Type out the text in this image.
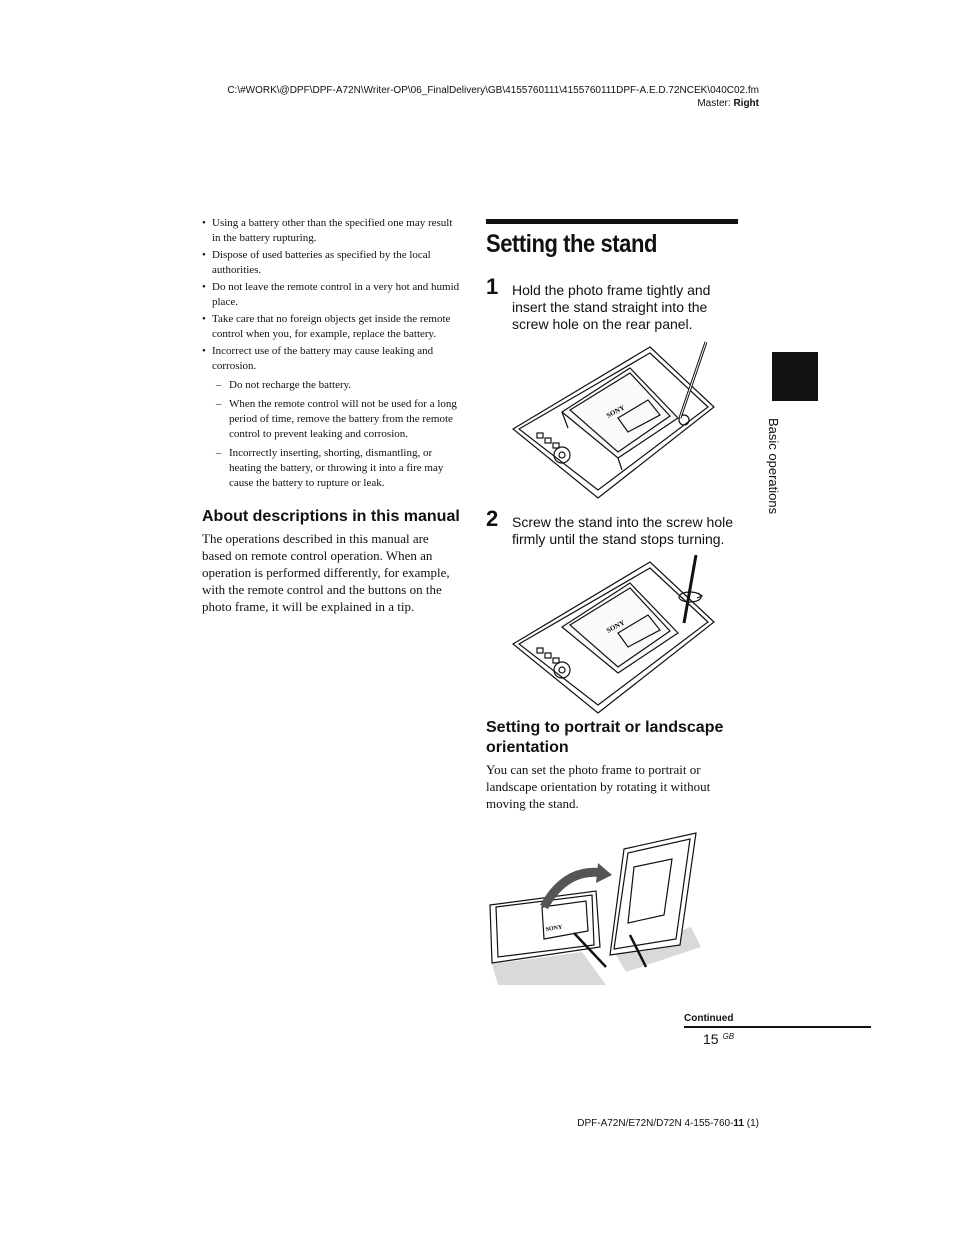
C:\#WORK\@DPF\DPF-A72N\Writer-OP\06_FinalDelivery\GB\4155760111\4155760111DPF-A.E.D.72NCEK\040C02.fm
Master: Right
• Using a battery other than the specified one may result in the battery rupturing.
• Dispose of used batteries as specified by the local authorities.
• Do not leave the remote control in a very hot and humid place.
• Take care that no foreign objects get inside the remote control when you, for example, replace the battery.
• Incorrect use of the battery may cause leaking and corrosion.
– Do not recharge the battery.
– When the remote control will not be used for a long period of time, remove the battery from the remote control to prevent leaking and corrosion.
– Incorrectly inserting, shorting, dismantling, or heating the battery, or throwing it into a fire may cause the battery to rupture or leak.
About descriptions in this manual

The operations described in this manual are based on remote control operation. When an operation is performed differently, for example, with the remote control and the buttons on the photo frame, it will be explained in a tip.

Setting the stand
1 Hold the photo frame tightly and insert the stand straight into the screw hole on the rear panel.
SONY
2 Screw the stand into the screw hole firmly until the stand stops turning.
SONY
Setting to portrait or landscape orientation

You can set the photo frame to portrait or landscape orientation by rotating it without moving the stand.

SONY
Basic operations
Continued
15 $^{GB}$
DPF-A72N/E72N/D72N 4-155-760-11 (1)
